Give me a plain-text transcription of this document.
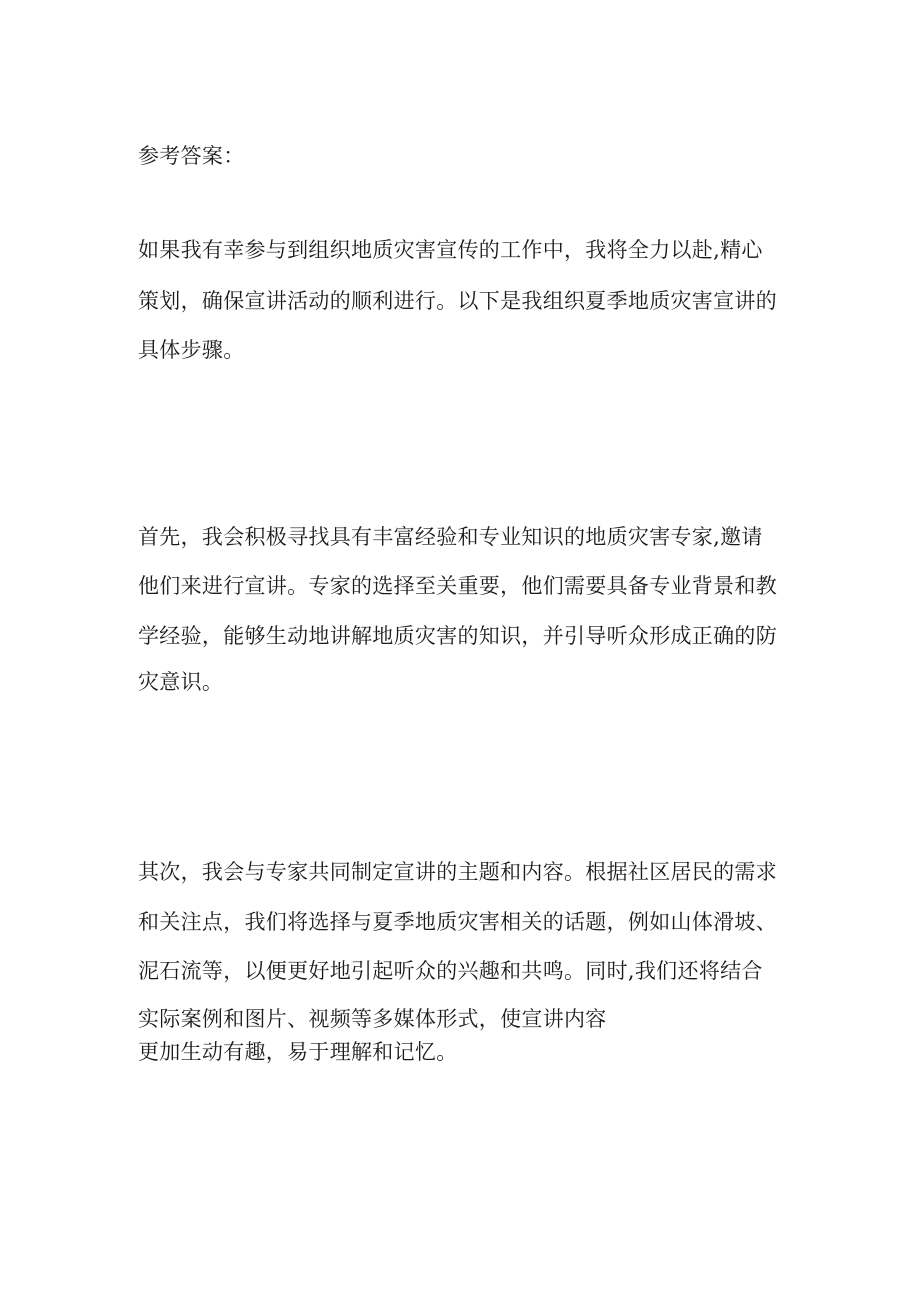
参考答案：
如果我有幸参与到组织地质灾害宣传的工作中，我将全力以赴,精心
策划，确保宣讲活动的顺利进行。以下是我组织夏季地质灾害宣讲的
具体步骤。
首先，我会积极寻找具有丰富经验和专业知识的地质灾害专家,邀请
他们来进行宣讲。专家的选择至关重要，他们需要具备专业背景和教
学经验，能够生动地讲解地质灾害的知识，并引导听众形成正确的防
灾意识。
其次，我会与专家共同制定宣讲的主题和内容。根据社区居民的需求
和关注点，我们将选择与夏季地质灾害相关的话题，例如山体滑坡、
泥石流等，以便更好地引起听众的兴趣和共鸣。同时,我们还将结合
实际案例和图片、视频等多媒体形式，使宣讲内容
更加生动有趣，易于理解和记忆。
